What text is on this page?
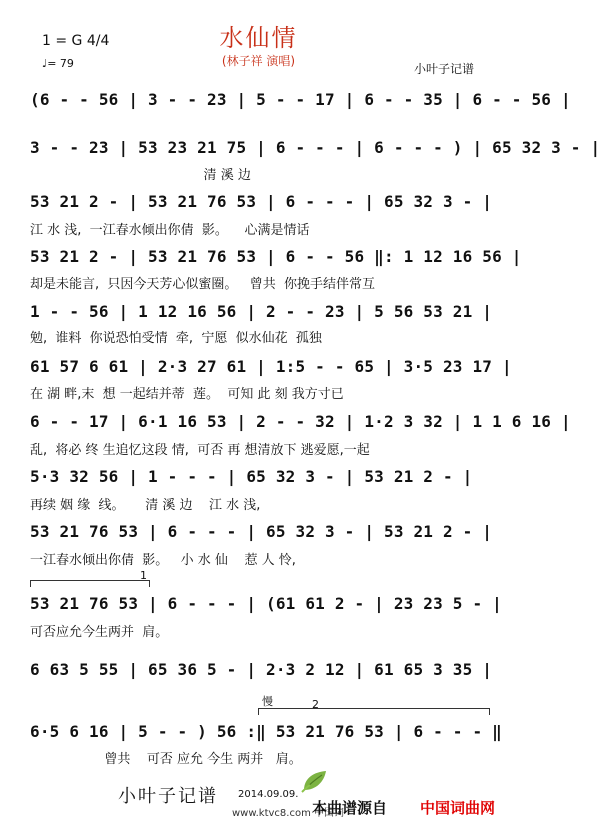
水仙情
(林子祥 演唱)
1 = G 4/4
♩= 79	小叶子记谱
(6 - - 56 | 3 - - 23 | 5 - - 17 | 6 - - 35 | 6 - - 56 |
3 - - 23 | 53 23 21 75 | 6 - - - | 6 - - - ) | 65 32 3 - |
清 溪 边
53 21 2 - | 53 21 76 53 | 6 - - - | 65 32 3 - |
江 水 浅,  一江春水倾出你倩  影。    心满是情话
53 21 2 - | 53 21 76 53 | 6 - - 56 ‖: 1 12 16 56 |
却是未能言,  只因今天芳心似蜜圈。   曾共  你挽手结伴常互
1 - - 56 | 1 12 16 56 | 2 - - 23 | 5 56 53 21 |
勉,  谁料  你说恐怕受情  牵,  宁愿  似水仙花  孤独
61 57 6 61 | 2·3 27 61 | 1:5 - - 65 | 3·5 23 17 |
在 湖 畔,末  想 一起结并蒂  莲。  可知 此 刻 我方寸已
6 - - 17 | 6·1 16 53 | 2 - - 32 | 1·2 3 32 | 1 1 6 16 |
乱,  将必 终 生追忆这段 情,  可否 再 想清放下 逃爱愿,一起
5·3 32 56 | 1 - - - | 65 32 3 - | 53 21 2 - |
再续 姻 缘  线。     清 溪 边    江 水 浅,
53 21 76 53 | 6 - - - | 65 32 3 - | 53 21 2 - |
一江春水倾出你倩  影。   小 水 仙    惹 人 怜,
1
53 21 76 53 | 6 - - - | (61 61 2 - | 23 23 5 - |
可否应允今生两并  肩。
6 63 5 55 | 65 36 5 - | 2·3 2 12 | 61 65 3 35 |
慢	2
6·5 6 16 | 5 - - ) 56 :‖ 53 21 76 53 | 6 - - - ‖
曾共    可否 应允 今生 两并   肩。
小叶子记谱 2014.09.09.
www.ktvc8.com 中国词
本曲谱源自 中国词曲网
